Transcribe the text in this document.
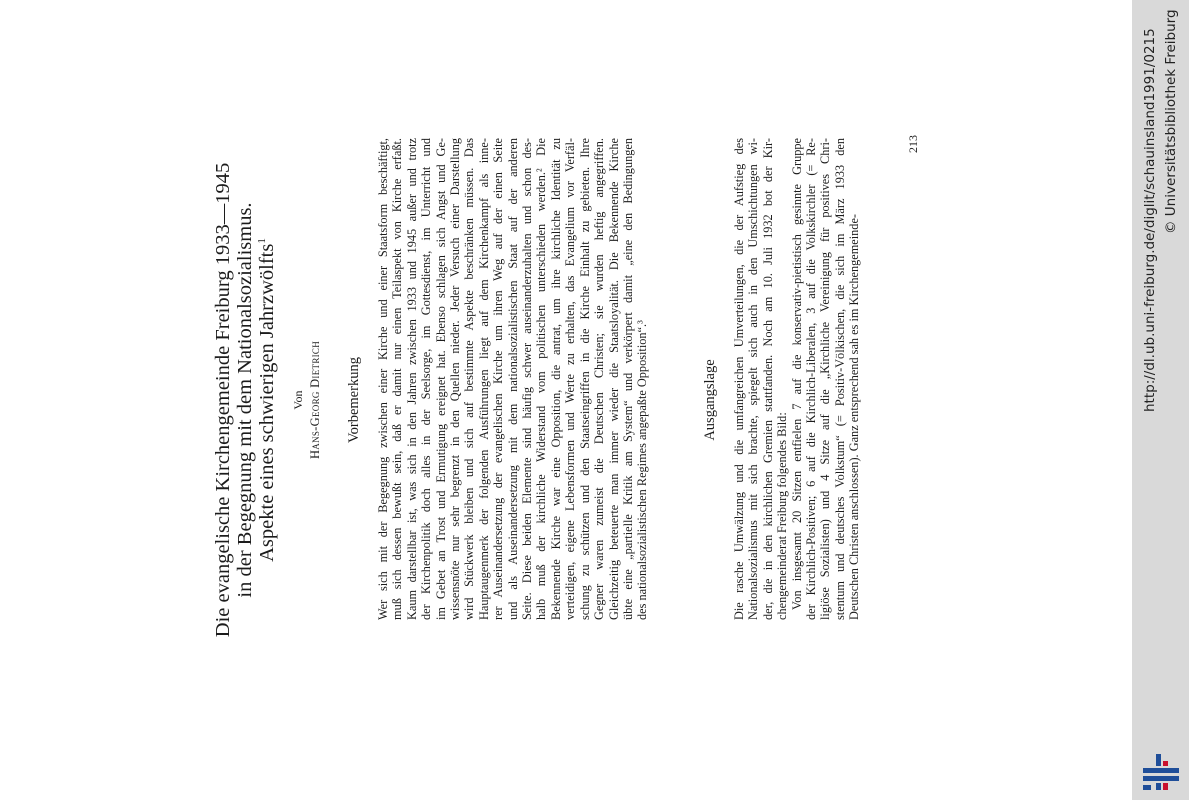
Die evangelische Kirchengemeinde Freiburg 1933—1945 in der Begegnung mit dem Nationalsozialismus. Aspekte eines schwierigen Jahrzwölfts$^1$
Von Hans-Georg Dietrich Vorbemerkung Wer sich mit der Begegnung zwischen einer Kirche und einer Staatsform beschäftigt, muß sich dessen bewußt sein, daß er damit nur einen Teilaspekt von Kirche erfaßt. Kaum darstellbar ist, was sich in den Jahren zwischen 1933 und 1945 außer und trotz der Kirchenpolitik doch alles in der Seelsorge, im Gottesdienst, im Unterricht und im Gebet an Trost und Ermutigung ereignet hat. Ebenso schlagen sich Angst und Ge- wissensnöte nur sehr begrenzt in den Quellen nieder. Jeder Versuch einer Darstellung wird Stückwerk bleiben und sich auf bestimmte Aspekte beschränken müssen. Das Hauptaugenmerk der folgenden Ausführungen liegt auf dem Kirchenkampf als inne- rer Auseinandersetzung der evangelischen Kirche um ihren Weg auf der einen Seite und als Auseinandersetzung mit dem nationalsozialistischen Staat auf der anderen Seite. Diese beiden Elemente sind häufig schwer auseinanderzuhalten und schon des- halb muß der kirchliche Widerstand vom politischen unterschieden werden.² Die Bekennende Kirche war eine Opposition, die antrat, um ihre kirchliche Identität zu verteidigen, eigene Lebensformen und Werte zu erhalten, das Evangelium vor Verfäl- schung zu schützen und den Staatseingriffen in die Kirche Einhalt zu gebieten. Ihre Gegner waren zumeist die Deutschen Christen; sie wurden heftig angegriffen. Gleichzeitig beteuerte man immer wieder die Staatsloyalität. Die Bekennende Kirche übte eine „partielle Kritik am System“ und verkörpert damit „eine den Bedingungen des nationalsozialistischen Regimes angepaßte Opposition“.³	Ausgangslage Die rasche Umwälzung und die umfangreichen Umverteilungen, die der Aufstieg des Nationalsozialismus mit sich brachte, spiegelt sich auch in den Umschichtungen wi- der, die in den kirchlichen Gremien stattfanden. Noch am 10. Juli 1932 bot der Kir- chengemeinderat Freiburg folgendes Bild: Von insgesamt 20 Sitzen entfielen 7 auf die konservativ-pietistisch gesinnte Gruppe der Kirchlich-Positiven; 6 auf die Kirchlich-Liberalen, 3 auf die Volkskirchler (= Re- ligiöse Sozialisten) und 4 Sitze auf die „Kirchliche Vereinigung für positives Chri- stentum und deutsches Volkstum“ (= Positiv-Völkischen, die sich im März 1933 den Deutschen Christen anschlossen). Ganz entsprechend sah es im Kirchengemeinde-
213	http://dl.ub.uni-freiburg.de/diglit/schauinsland1991/0215 © Universitätsbibliothek Freiburg
